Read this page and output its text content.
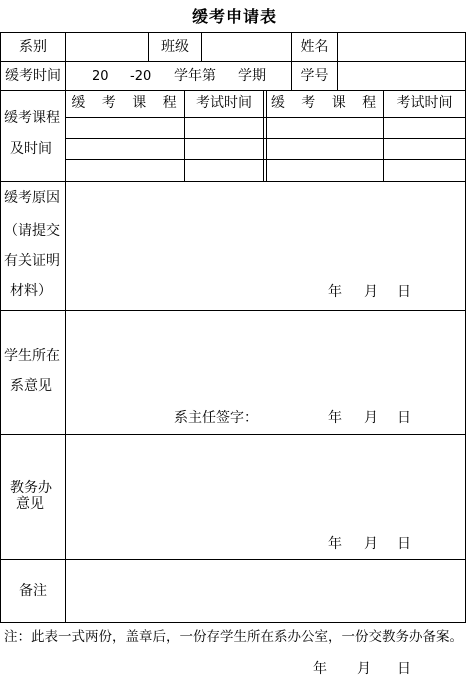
缓考申请表
系别	班级	姓名
缓考时间	20 -20 学年第 学期	学号
缓考课程
及时间
缓 考 课 程 考试时间	缓 考 课 程	考试时间
缓考原因
（请提交
有关证明
材料）	年 月 日
学生所在
系意见
系主任签字：	年 月 日
教务办
意见
年 月 日
备注
注：此表一式两份，盖章后，一份存学生所在系办公室，一份交教务办备案。
年 月 日
